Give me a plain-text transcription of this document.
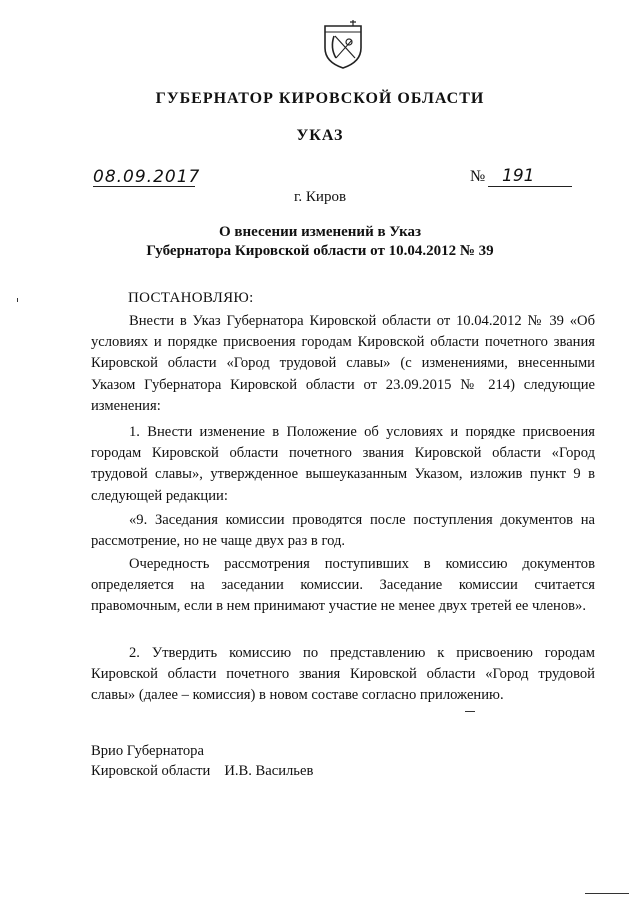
ГУБЕРНАТОР КИРОВСКОЙ ОБЛАСТИ
УКАЗ
08.09.2017	№ 191
г. Киров
О внесении изменений в Указ
Губернатора Кировской области от 10.04.2012 № 39
ПОСТАНОВЛЯЮ:
Внести в Указ Губернатора Кировской области от 10.04.2012 № 39 «Об условиях и порядке присвоения городам Кировской области почетного звания Кировской области «Город трудовой славы» (с изменениями, внесенными Указом Губернатора Кировской области от 23.09.2015 № 214) следующие изменения:
1. Внести изменение в Положение об условиях и порядке присвоения городам Кировской области почетного звания Кировской области «Город трудовой славы», утвержденное вышеуказанным Указом, изложив пункт 9 в следующей редакции:
«9. Заседания комиссии проводятся после поступления документов на рассмотрение, но не чаще двух раз в год.
Очередность рассмотрения поступивших в комиссию документов определяется на заседании комиссии. Заседание комиссии считается правомочным, если в нем принимают участие не менее двух третей ее членов».
2. Утвердить комиссию по представлению к присвоению городам Кировской области почетного звания Кировской области «Город трудовой славы» (далее – комиссия) в новом составе согласно приложению.
Врио Губернатора
Кировской области И.В. Васильев
